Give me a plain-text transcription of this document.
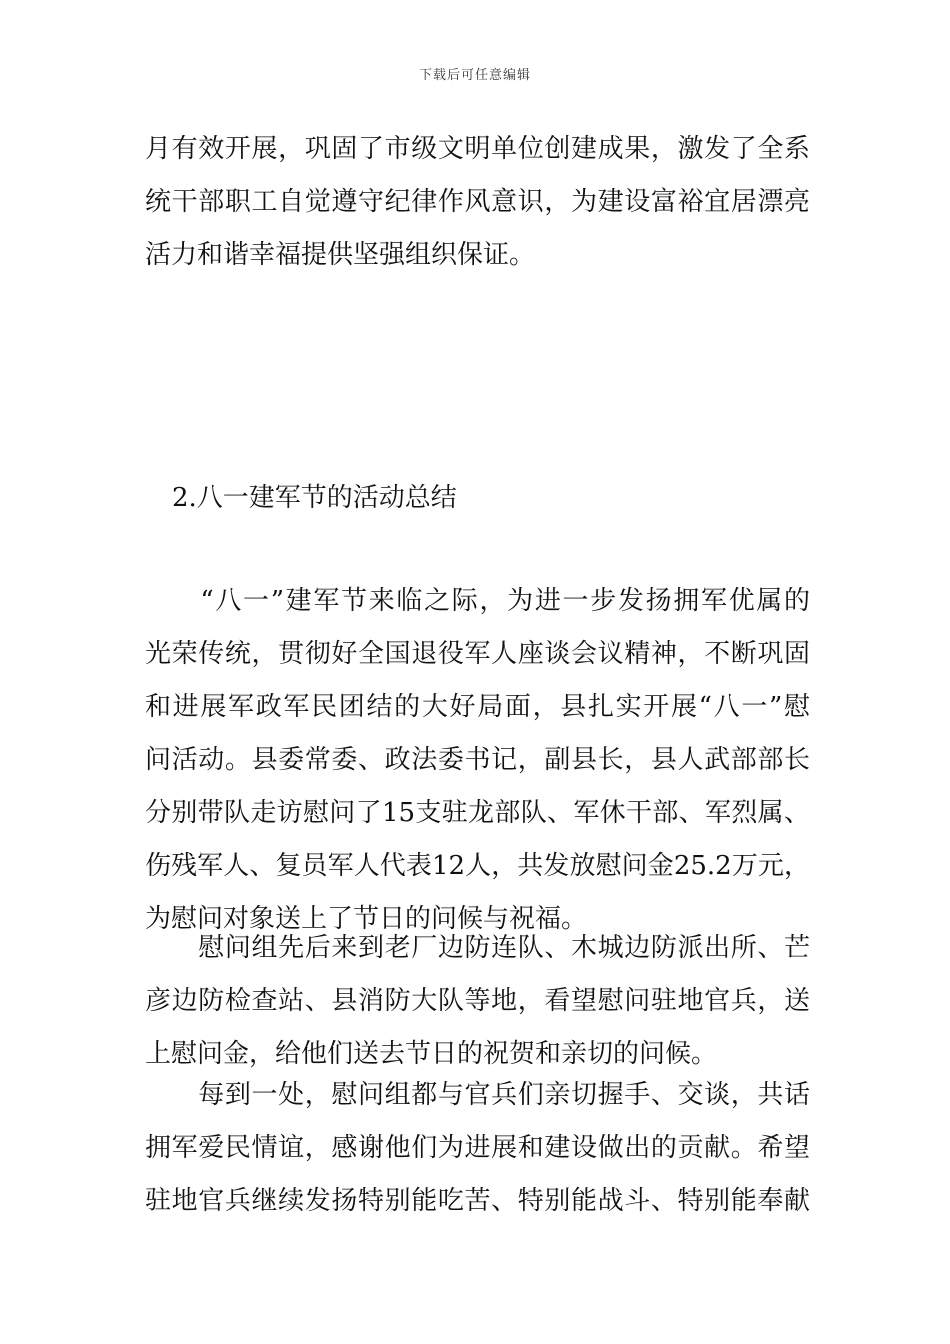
下载后可任意编辑
月有效开展，巩固了市级文明单位创建成果，激发了全系
统干部职工自觉遵守纪律作风意识，为建设富裕宜居漂亮
活力和谐幸福提供坚强组织保证。
2.八一建军节的活动总结
　　“八一”建军节来临之际，为进一步发扬拥军优属的
光荣传统，贯彻好全国退役军人座谈会议精神，不断巩固
和进展军政军民团结的大好局面，县扎实开展“八一”慰
问活动。县委常委、政法委书记，副县长，县人武部部长
分别带队走访慰问了15支驻龙部队、军休干部、军烈属、
伤残军人、复员军人代表12人，共发放慰问金25.2万元，
为慰问对象送上了节日的问候与祝福。
　　慰问组先后来到老厂边防连队、木城边防派出所、芒
彦边防检查站、县消防大队等地，看望慰问驻地官兵，送
上慰问金，给他们送去节日的祝贺和亲切的问候。
　　每到一处，慰问组都与官兵们亲切握手、交谈，共话
拥军爱民情谊，感谢他们为进展和建设做出的贡献。希望
驻地官兵继续发扬特别能吃苦、特别能战斗、特别能奉献
